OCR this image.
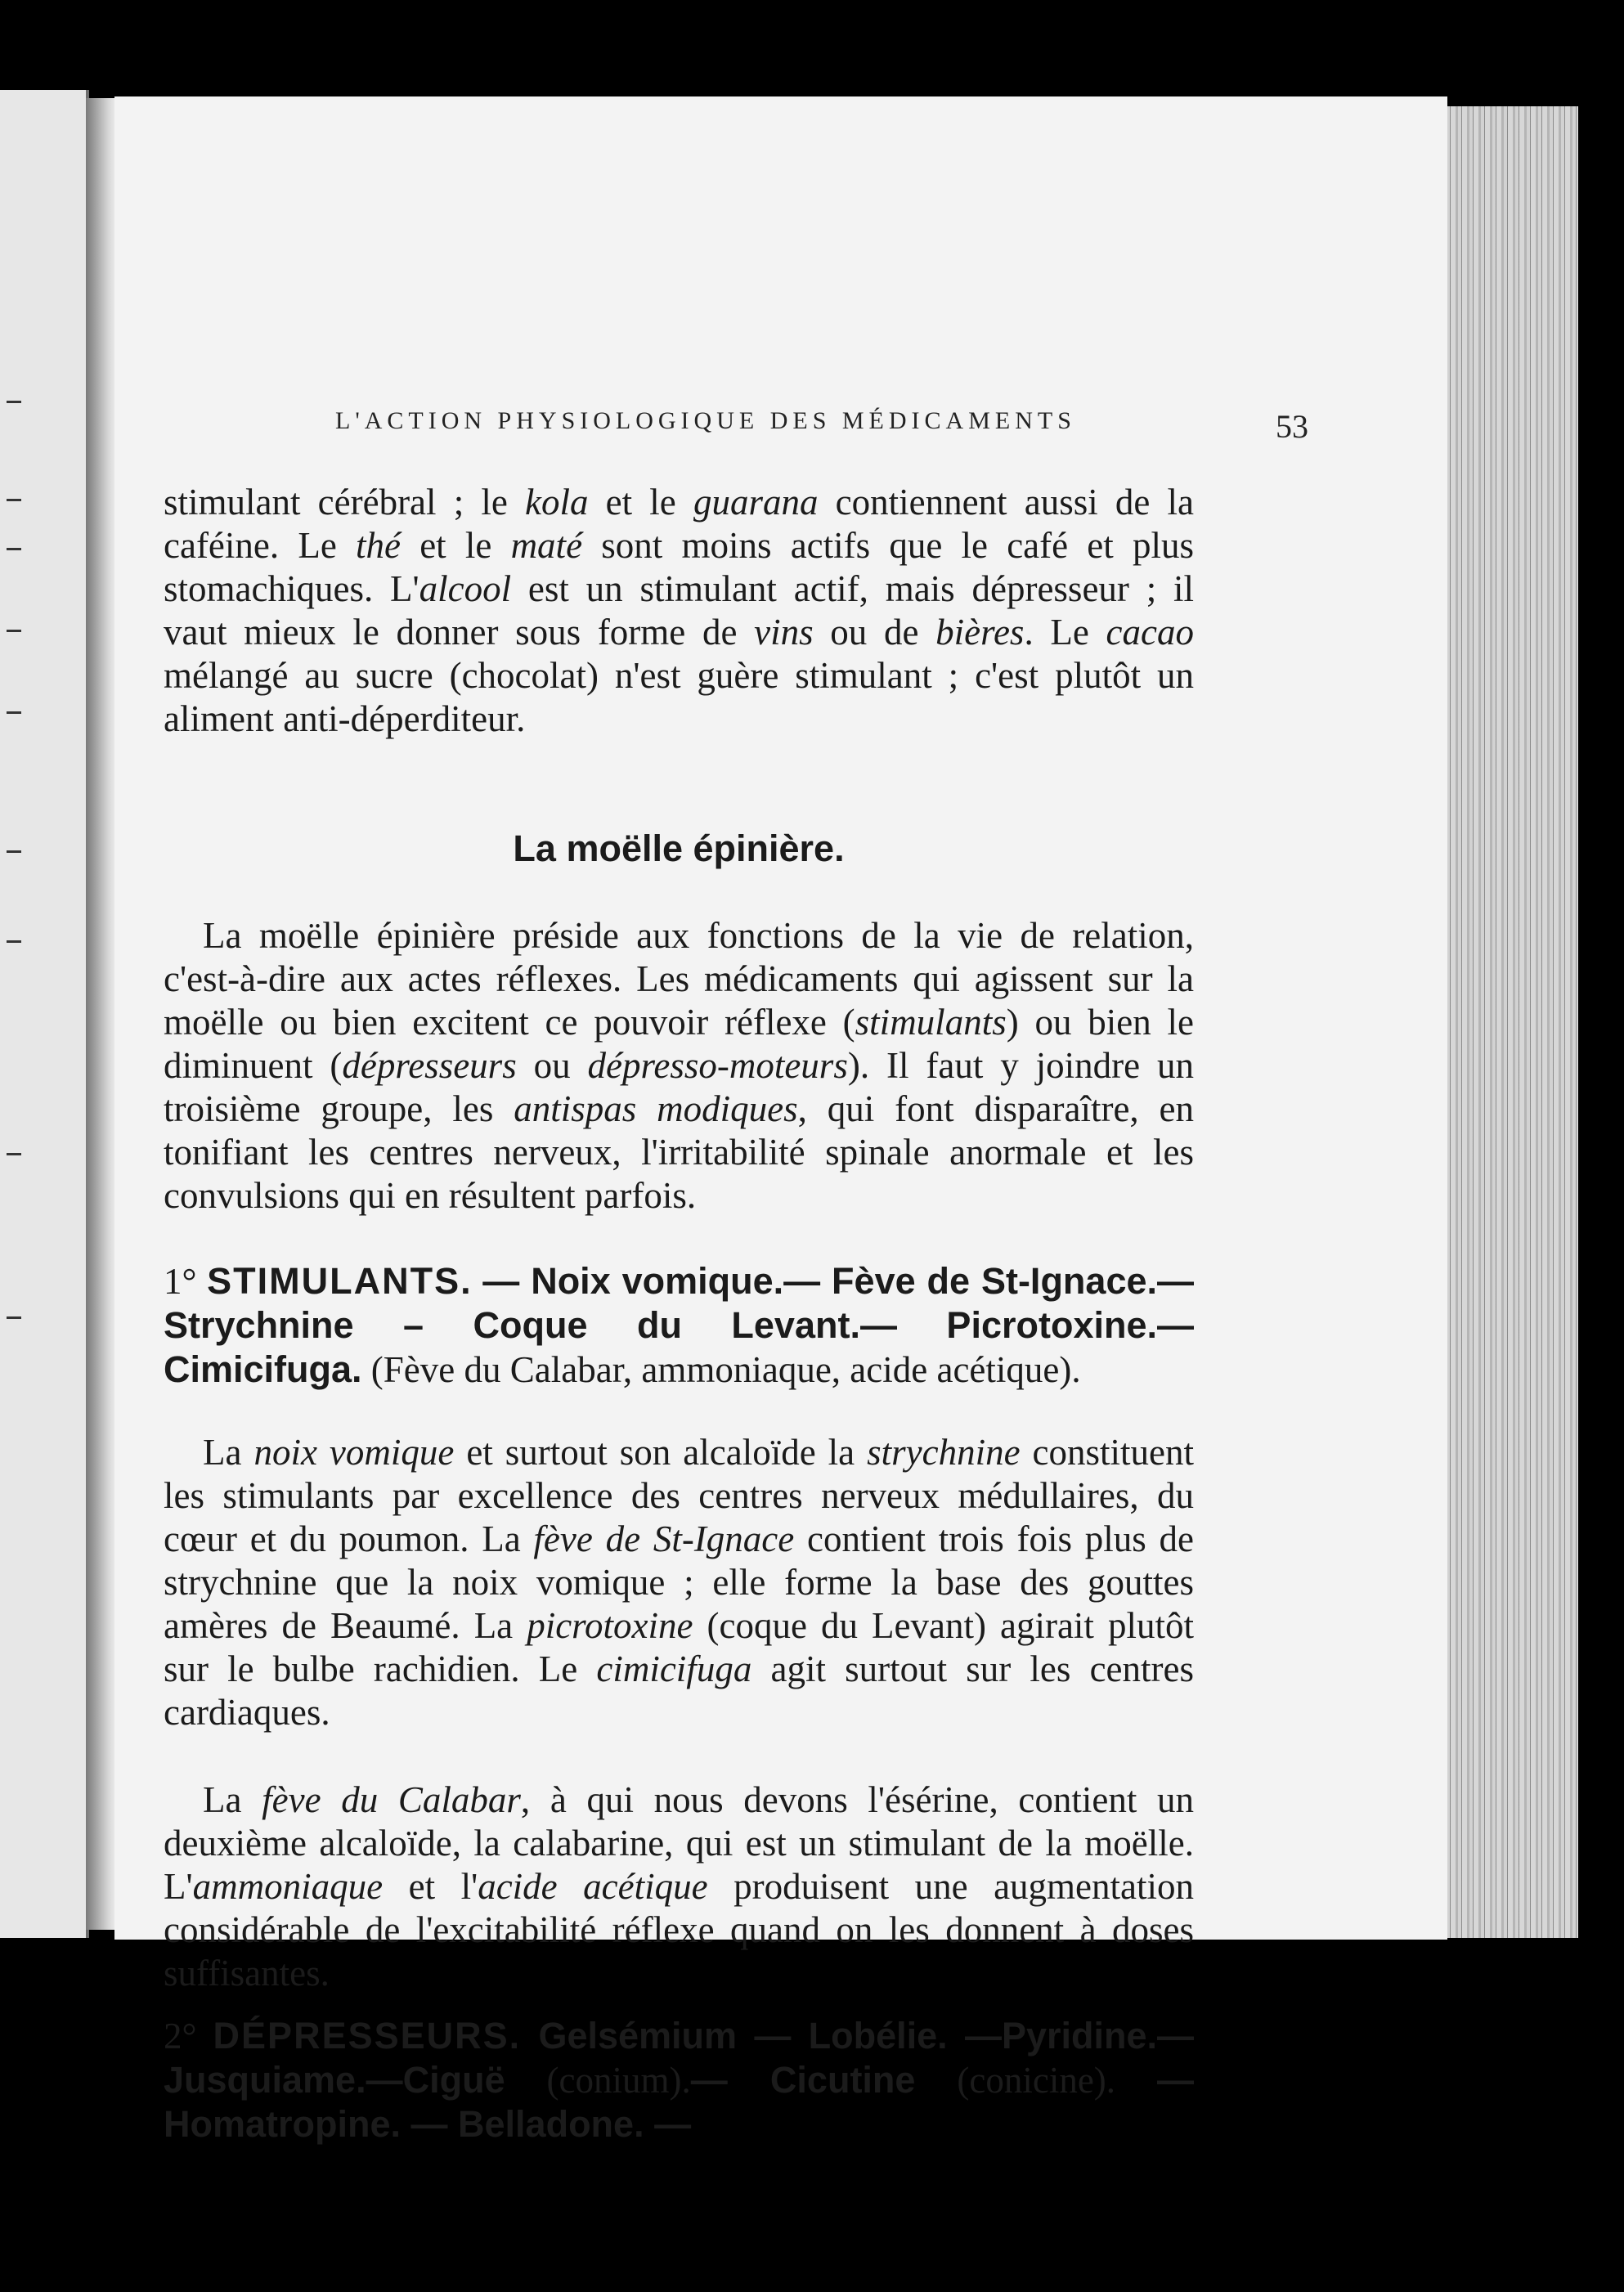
L'ACTION PHYSIOLOGIQUE DES MÉDICAMENTS	53
stimulant cérébral ; le kola et le guarana contiennent aussi de la caféine. Le thé et le maté sont moins actifs que le café et plus stomachiques. L'alcool est un stimulant actif, mais dépresseur ; il vaut mieux le donner sous forme de vins ou de bières. Le cacao mélangé au sucre (chocolat) n'est guère stimulant ; c'est plutôt un aliment anti-déperditeur.
La moëlle épinière.
La moëlle épinière préside aux fonctions de la vie de relation, c'est-à-dire aux actes réflexes. Les médicaments qui agissent sur la moëlle ou bien excitent ce pouvoir réflexe (stimulants) ou bien le diminuent (dépresseurs ou dépresso-moteurs). Il faut y joindre un troisième groupe, les antispas modiques, qui font disparaître, en tonifiant les centres nerveux, l'irritabilité spinale anormale et les convulsions qui en résultent parfois.
1° STIMULANTS. — Noix vomique.— Fève de St-Ignace.—Strychnine – Coque du Levant.— Picrotoxine.—Cimicifuga. (Fève du Calabar, ammoniaque, acide acétique).
La noix vomique et surtout son alcaloïde la strychnine constituent les stimulants par excellence des centres nerveux médullaires, du cœur et du poumon. La fève de St-Ignace contient trois fois plus de strychnine que la noix vomique ; elle forme la base des gouttes amères de Beaumé. La picrotoxine (coque du Levant) agirait plutôt sur le bulbe rachidien. Le cimicifuga agit surtout sur les centres cardiaques.
La fève du Calabar, à qui nous devons l'ésérine, contient un deuxième alcaloïde, la calabarine, qui est un stimulant de la moëlle. L'ammoniaque et l'acide acétique produisent une augmentation considérable de l'excitabilité réflexe quand on les donnent à doses suffisantes.
2° DÉPRESSEURS. Gelsémium — Lobélie. —Pyridine.—Jusquiame.—Ciguë (conium).— Cicutine (conicine). — Homatropine. — Belladone. —
